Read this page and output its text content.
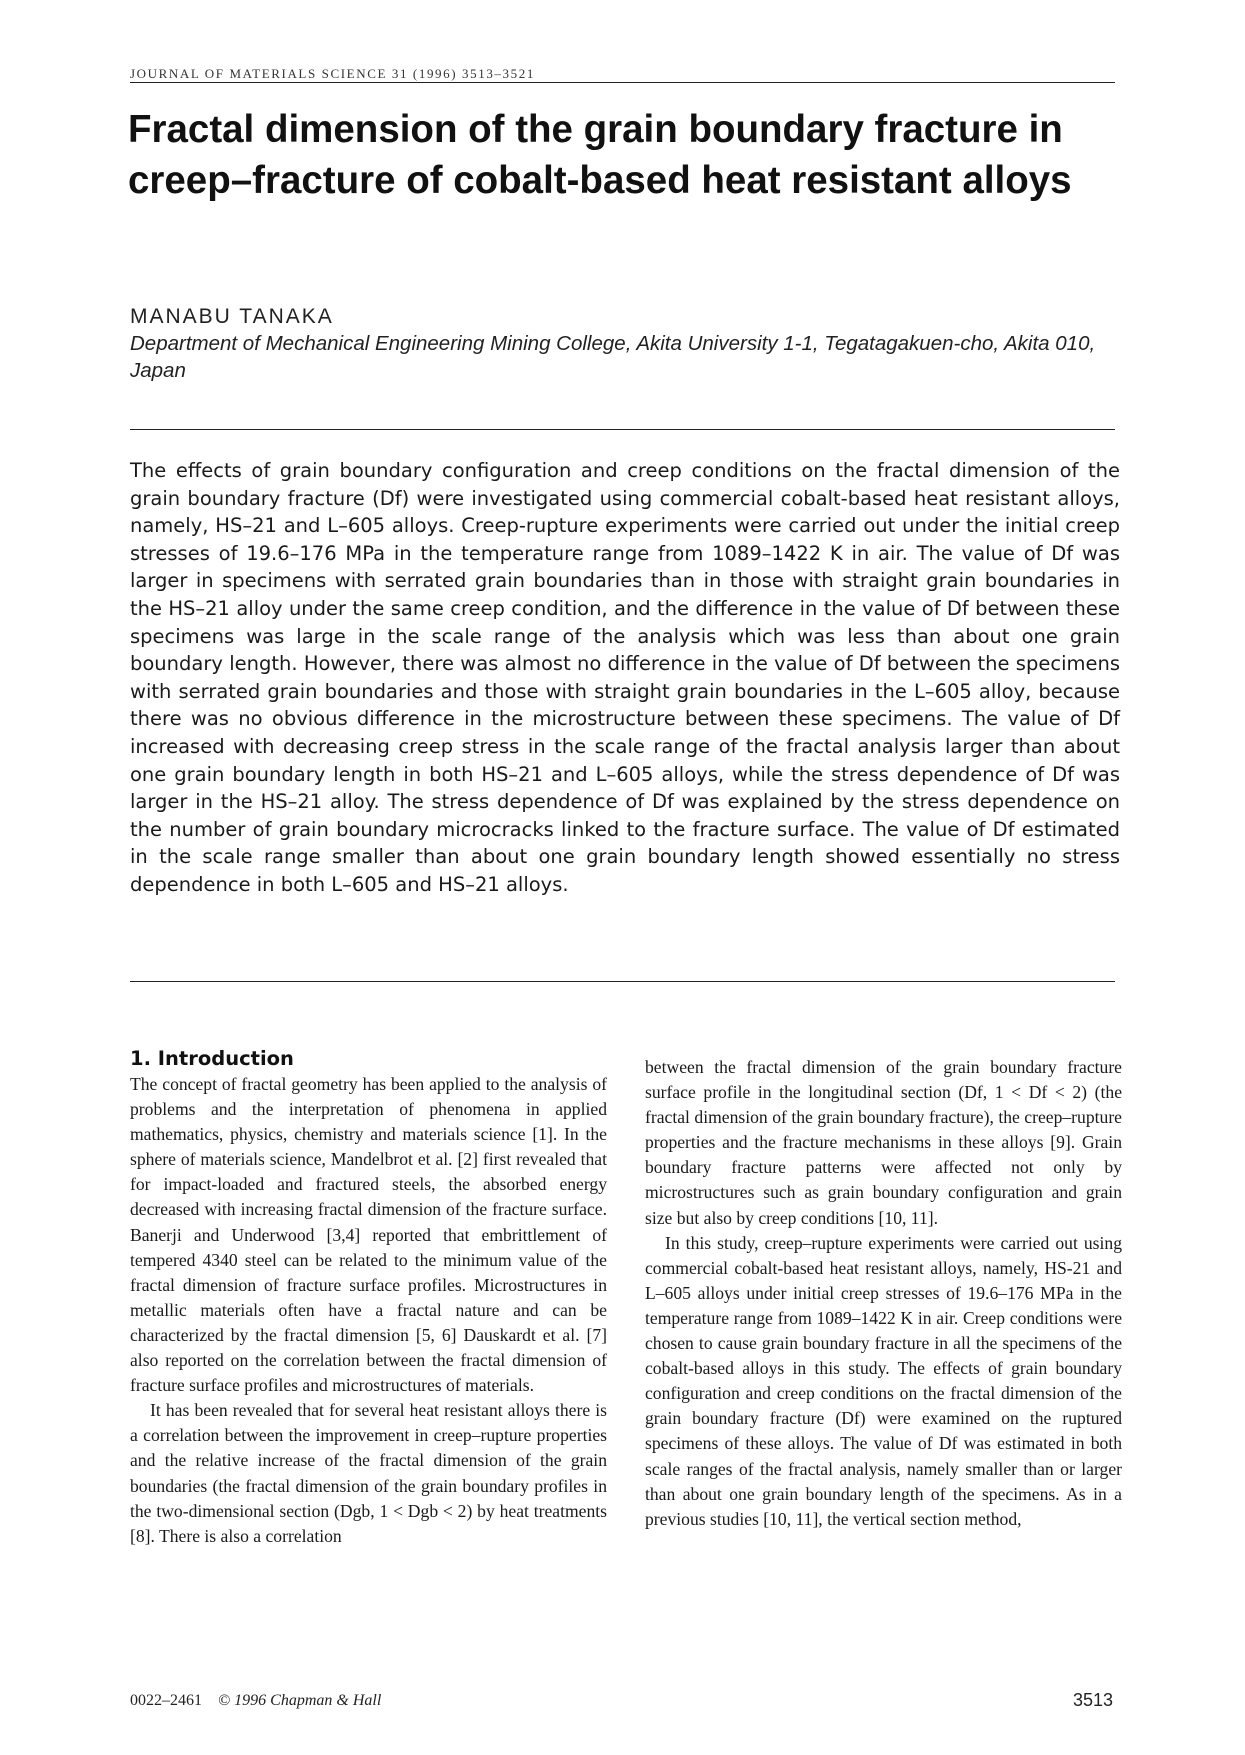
JOURNAL OF MATERIALS SCIENCE 31 (1996) 3513–3521
Fractal dimension of the grain boundary fracture in creep–fracture of cobalt-based heat resistant alloys
MANABU TANAKA
Department of Mechanical Engineering Mining College, Akita University 1-1, Tegatagakuen-cho, Akita 010, Japan

The effects of grain boundary configuration and creep conditions on the fractal dimension of the grain boundary fracture (Df) were investigated using commercial cobalt-based heat resistant alloys, namely, HS–21 and L–605 alloys. Creep-rupture experiments were carried out under the initial creep stresses of 19.6–176 MPa in the temperature range from 1089–1422 K in air. The value of Df was larger in specimens with serrated grain boundaries than in those with straight grain boundaries in the HS–21 alloy under the same creep condition, and the difference in the value of Df between these specimens was large in the scale range of the analysis which was less than about one grain boundary length. However, there was almost no difference in the value of Df between the specimens with serrated grain boundaries and those with straight grain boundaries in the L–605 alloy, because there was no obvious difference in the microstructure between these specimens. The value of Df increased with decreasing creep stress in the scale range of the fractal analysis larger than about one grain boundary length in both HS–21 and L–605 alloys, while the stress dependence of Df was larger in the HS–21 alloy. The stress dependence of Df was explained by the stress dependence on the number of grain boundary microcracks linked to the fracture surface. The value of Df estimated in the scale range smaller than about one grain boundary length showed essentially no stress dependence in both L–605 and HS–21 alloys.

1. Introduction

The concept of fractal geometry has been applied to the analysis of problems and the interpretation of phenomena in applied mathematics, physics, chemistry and materials science [1]. In the sphere of materials science, Mandelbrot et al. [2] first revealed that for impact-loaded and fractured steels, the absorbed energy decreased with increasing fractal dimension of the fracture surface. Banerji and Underwood [3,4] reported that embrittlement of tempered 4340 steel can be related to the minimum value of the fractal dimension of fracture surface profiles. Microstructures in metallic materials often have a fractal nature and can be characterized by the fractal dimension [5, 6] Dauskardt et al. [7] also reported on the correlation between the fractal dimension of fracture surface profiles and microstructures of materials.

It has been revealed that for several heat resistant alloys there is a correlation between the improvement in creep–rupture properties and the relative increase of the fractal dimension of the grain boundaries (the fractal dimension of the grain boundary profiles in the two-dimensional section (Dgb, 1 < Dgb < 2) by heat treatments [8]. There is also a correlation

between the fractal dimension of the grain boundary fracture surface profile in the longitudinal section (Df, 1 < Df < 2) (the fractal dimension of the grain boundary fracture), the creep–rupture properties and the fracture mechanisms in these alloys [9]. Grain boundary fracture patterns were affected not only by microstructures such as grain boundary configuration and grain size but also by creep conditions [10, 11].

In this study, creep–rupture experiments were carried out using commercial cobalt-based heat resistant alloys, namely, HS-21 and L–605 alloys under initial creep stresses of 19.6–176 MPa in the temperature range from 1089–1422 K in air. Creep conditions were chosen to cause grain boundary fracture in all the specimens of the cobalt-based alloys in this study. The effects of grain boundary configuration and creep conditions on the fractal dimension of the grain boundary fracture (Df) were examined on the ruptured specimens of these alloys. The value of Df was estimated in both scale ranges of the fractal analysis, namely smaller than or larger than about one grain boundary length of the specimens. As in a previous studies [10, 11], the vertical section method,

0022–2461 © 1996 Chapman & Hall	3513
